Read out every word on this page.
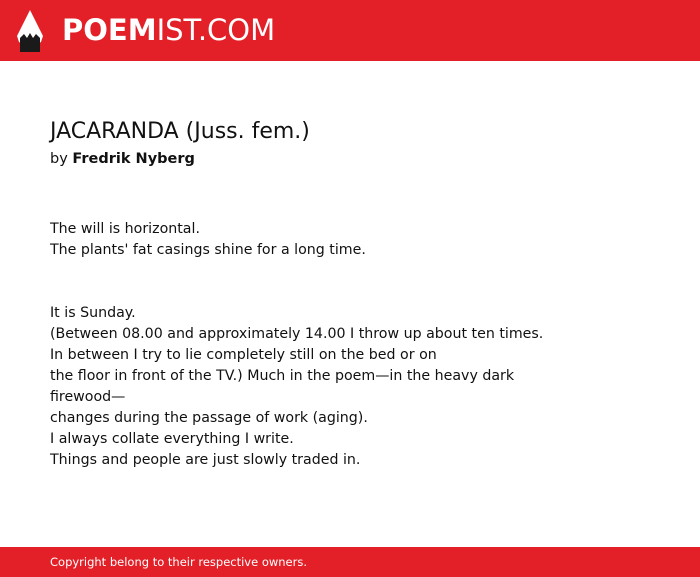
POEMIST.COM
JACARANDA (Juss. fem.)
by Fredrik Nyberg
The will is horizontal.
The plants' fat casings shine for a long time.
It is Sunday.
(Between 08.00 and approximately 14.00 I throw up about ten times.
In between I try to lie completely still on the bed or on
the floor in front of the TV.) Much in the poem—in the heavy dark
firewood—
changes during the passage of work (aging).
I always collate everything I write.
Things and people are just slowly traded in.
Copyright belong to their respective owners.
